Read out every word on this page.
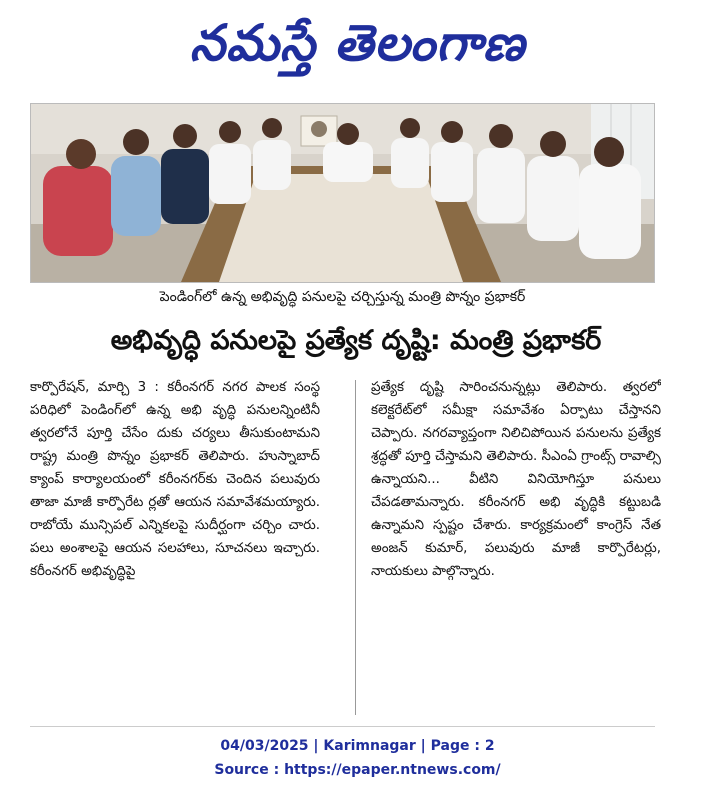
నమస్తే తెలంగాణ
పెండింగ్‌లో ఉన్న అభివృద్ధి పనులపై చర్చిస్తున్న మంత్రి పొన్నం ప్రభాకర్
అభివృద్ధి పనులపై ప్రత్యేక దృష్టి: మంత్రి ప్రభాకర్
కార్పొరేషన్, మార్చి 3 : కరీంనగర్ నగర పాలక సంస్థ పరిధిలో పెండింగ్‌లో ఉన్న అభి వృద్ధి పనులన్నింటినీ త్వరలోనే పూర్తి చేసేం దుకు చర్యలు తీసుకుంటామని రాష్ట్ర మంత్రి పొన్నం ప్రభాకర్ తెలిపారు. హుస్నాబాద్ క్యాంప్ కార్యాలయంలో కరీంనగర్‌కు చెందిన పలువురు తాజా మాజీ కార్పొరేట ర్లతో ఆయన సమావేశమయ్యారు. రాబోయే మున్సిపల్ ఎన్నికలపై సుదీర్ఘంగా చర్చిం చారు. పలు అంశాలపై ఆయన సలహాలు, సూచనలు ఇచ్చారు. కరీంనగర్ అభివృద్ధిపై
ప్రత్యేక దృష్టి సారించనున్నట్లు తెలిపారు. త్వరలో కలెక్టరేట్‌లో సమీక్షా సమావేశం ఏర్పాటు చేస్తానని చెప్పారు. నగరవ్యాప్తంగా నిలిచిపోయిన పనులను ప్రత్యేక శ్రద్ధతో పూర్తి చేస్తామని తెలిపారు. సీఎంఏ గ్రాంట్స్ రావాల్సి ఉన్నాయని... వీటిని వినియోగిస్తూ పనులు చేపడతామన్నారు. కరీంనగర్ అభి వృద్ధికి కట్టుబడి ఉన్నామని స్పష్టం చేశారు. కార్యక్రమంలో కాంగ్రెస్ నేత అంజన్ కుమార్, పలువురు మాజీ కార్పొరేటర్లు, నాయకులు పాల్గొన్నారు.
04/03/2025 | Karimnagar | Page : 2
Source : https://epaper.ntnews.com/
